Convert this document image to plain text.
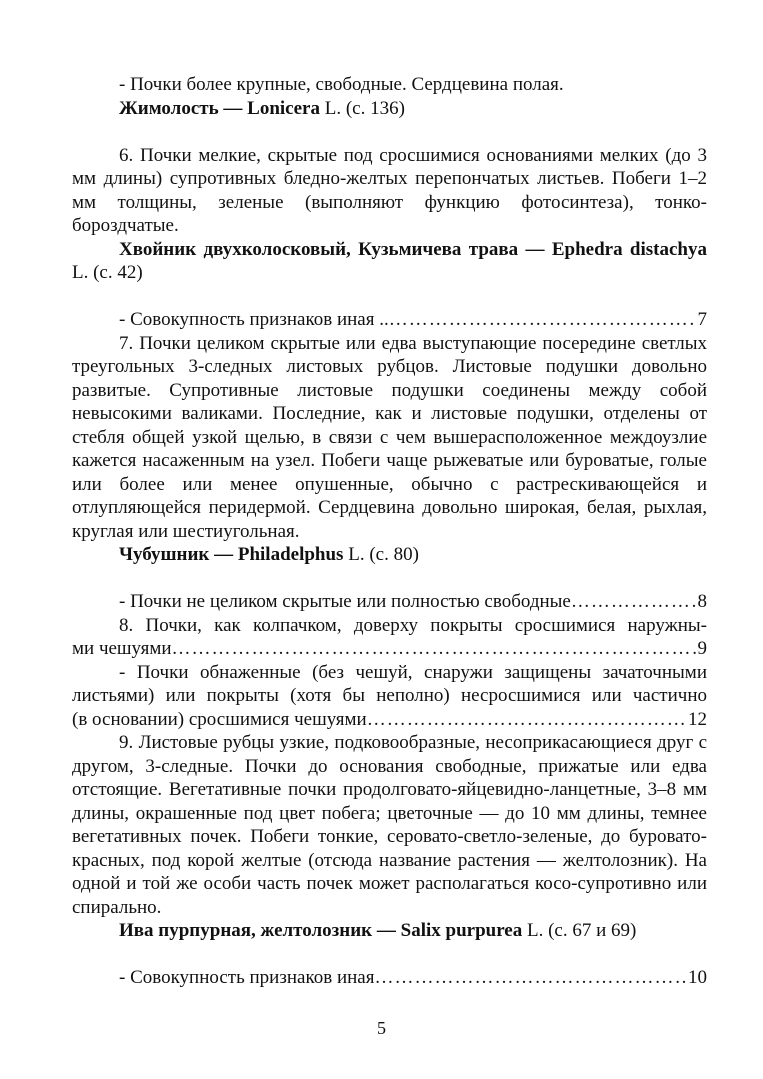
- Почки более крупные, свободные. Сердцевина полая.

Жимолость — Lonicera L. (с. 136)

6. Почки мелкие, скрытые под сросшимися основаниями мелких (до 3 мм длины) супротивных бледно-желтых перепончатых листьев. Побеги 1–2 мм толщины, зеленые (выполняют функцию фотосинтеза), тонко-бороздчатые.

Хвойник двухколосковый, Кузьмичева трава — Ephedra distachya L. (с. 42)

- Совокупность признаков иная .. ……………………………………………………………………………………………………………………	7

7. Почки целиком скрытые или едва выступающие посередине светлых треугольных 3-следных листовых рубцов. Листовые подушки довольно развитые. Супротивные листовые подушки соединены между собой невысокими валиками. Последние, как и листовые подушки, отделены от стебля общей узкой щелью, в связи с чем вышерасположенное междоузлие кажется насаженным на узел. Побеги чаще рыжеватые или буроватые, голые или более или менее опушенные, обычно с растрескивающейся и отлупляющейся перидермой. Сердцевина довольно широкая, белая, рыхлая, круглая или шестиугольная.

Чубушник — Philadelphus L. (с. 80)

- Почки не целиком скрытые или полностью свободные ……………………………………………………………………………………………………………………	8

8. Почки, как колпачком, доверху покрыты сросшимися наружны-

ми чешуями ……………………………………………………………………………………………………………………	9

- Почки обнаженные (без чешуй, снаружи защищены зачаточными листьями) или покрыты (хотя бы неполно) несросшимися или частично

(в основании) сросшимися чешуями ……………………………………………………………………………………………………………………	12

9. Листовые рубцы узкие, подковообразные, несоприкасающиеся друг с другом, 3-следные. Почки до основания свободные, прижатые или едва отстоящие. Вегетативные почки продолговато-яйцевидно-ланцетные, 3–8 мм длины, окрашенные под цвет побега; цветочные — до 10 мм длины, темнее вегетативных почек. Побеги тонкие, серовато-светло-зеленые, до буровато-красных, под корой желтые (отсюда название растения — желтолозник). На одной и той же особи часть почек может располагаться косо-супротивно или спирально.

Ива пурпурная, желтолозник — Salix purpurea L. (с. 67 и 69)

- Совокупность признаков иная ……………………………………………………………………………………………………………………	10
5
